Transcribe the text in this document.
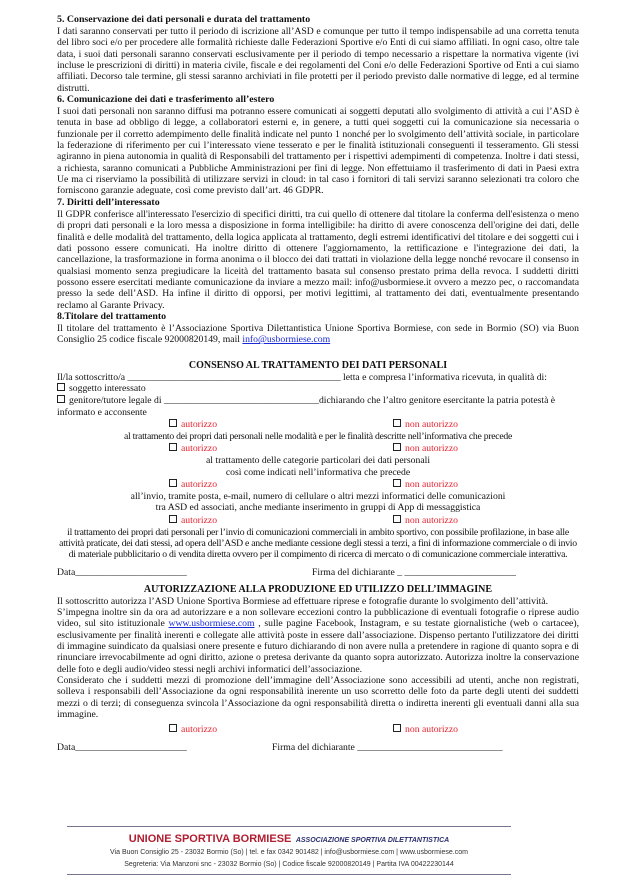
5. Conservazione dei dati personali e durata del trattamento

I dati saranno conservati per tutto il periodo di iscrizione all’ASD e comunque per tutto il tempo indispensabile ad una corretta tenuta del libro soci e/o per procedere alle formalità richieste dalle Federazioni Sportive e/o Enti di cui siamo affiliati. In ogni caso, oltre tale data, i suoi dati personali saranno conservati esclusivamente per il periodo di tempo necessario a rispettare la normativa vigente (ivi incluse le prescrizioni di diritti) in materia civile, fiscale e dei regolamenti del Coni e/o delle Federazioni Sportive od Enti a cui siamo affiliati. Decorso tale termine, gli stessi saranno archiviati in file protetti per il periodo previsto dalle normative di legge, ed al termine distrutti.

6. Comunicazione dei dati e trasferimento all’estero

I suoi dati personali non saranno diffusi ma potranno essere comunicati ai soggetti deputati allo svolgimento di attività a cui l’ASD è tenuta in base ad obbligo di legge, a collaboratori esterni e, in genere, a tutti quei soggetti cui la comunicazione sia necessaria o funzionale per il corretto adempimento delle finalità indicate nel punto 1 nonché per lo svolgimento dell’attività sociale, in particolare la federazione di riferimento per cui l’interessato viene tesserato e per le finalità istituzionali conseguenti il tesseramento. Gli stessi agiranno in piena autonomia in qualità di Responsabili del trattamento per i rispettivi adempimenti di competenza. Inoltre i dati stessi, a richiesta, saranno comunicati a Pubbliche Amministrazioni per fini di legge. Non effettuiamo il trasferimento di dati in Paesi extra Ue ma ci riserviamo la possibilità di utilizzare servizi in cloud: in tal caso i fornitori di tali servizi saranno selezionati tra coloro che forniscono garanzie adeguate, così come previsto dall’art. 46 GDPR.

7. Diritti dell’interessato

Il GDPR conferisce all'interessato l'esercizio di specifici diritti, tra cui quello di ottenere dal titolare la conferma dell'esistenza o meno di propri dati personali e la loro messa a disposizione in forma intelligibile: ha diritto di avere conoscenza dell'origine dei dati, delle finalità e delle modalità del trattamento, della logica applicata al trattamento, degli estremi identificativi del titolare e dei soggetti cui i dati possono essere comunicati. Ha inoltre diritto di ottenere l'aggiornamento, la rettificazione e l'integrazione dei dati, la cancellazione, la trasformazione in forma anonima o il blocco dei dati trattati in violazione della legge nonché revocare il consenso in qualsiasi momento senza pregiudicare la liceità del trattamento basata sul consenso prestato prima della revoca. I suddetti diritti possono essere esercitati mediante comunicazione da inviare a mezzo mail: info@usbormiese.it ovvero a mezzo pec, o raccomandata presso la sede dell’ASD. Ha infine il diritto di opporsi, per motivi legittimi, al trattamento dei dati, eventualmente presentando reclamo al Garante Privacy.

8.Titolare del trattamento

Il titolare del trattamento è l’Associazione Sportiva Dilettantistica Unione Sportiva Bormiese, con sede in Bormio (SO) via Buon Consiglio 25 codice fiscale 92000820149, mail info@usbormiese.com

CONSENSO AL TRATTAMENTO DEI DATI PERSONALI

Il/la sottoscritto/a ____________________________________________ letta e compresa l’informativa ricevuta, in qualità di:

soggetto interessato
genitore/tutore legale di ________________________________dichiarando che l’altro genitore esercitante la patria potestà è informato e acconsente
autorizzo	non autorizzo

al trattamento dei propri dati personali nelle modalità e per le finalità descritte nell’informativa che precede

autorizzo	non autorizzo

al trattamento delle categorie particolari dei dati personali
così come indicati nell’informativa che precede

autorizzo	non autorizzo

all’invio, tramite posta, e-mail, numero di cellulare o altri mezzi informatici delle comunicazioni
tra ASD ed associati, anche mediante inserimento in gruppi di App di messaggistica

autorizzo	non autorizzo

il trattamento dei propri dati personali per l’invio di comunicazioni commerciali in ambito sportivo, con possibile profilazione, in base alle attività praticate, dei dati stessi, ad opera dell’ASD e anche mediante cessione degli stessi a terzi, a fini di informazione commerciale o di invio di materiale pubblicitario o di vendita diretta ovvero per il compimento di ricerca di mercato o di comunicazione commerciale interattiva.

Data_______________________	Firma del dichiarante _ _______________________
AUTORIZZAZIONE ALLA PRODUZIONE ED UTILIZZO DELL’IMMAGINE

Il sottoscritto autorizza l’ASD Unione Sportiva Bormiese ad effettuare riprese e fotografie durante lo svolgimento dell’attività.

S’impegna inoltre sin da ora ad autorizzare e a non sollevare eccezioni contro la pubblicazione di eventuali fotografie o riprese audio video, sul sito istituzionale www.usbormiese.com , sulle pagine Facebook, Instagram, e su testate giornalistiche (web o cartacee), esclusivamente per finalità inerenti e collegate alle attività poste in essere dall’associazione. Dispenso pertanto l'utilizzatore dei diritti di immagine suindicato da qualsiasi onere presente e futuro dichiarando di non avere nulla a pretendere in ragione di quanto sopra e di rinunciare irrevocabilmente ad ogni diritto, azione o pretesa derivante da quanto sopra autorizzato. Autorizza inoltre la conservazione delle foto e degli audio/video stessi negli archivi informatici dell’associazione.

Considerato che i suddetti mezzi di promozione dell’immagine dell’Associazione sono accessibili ad utenti, anche non registrati, solleva i responsabili dell’Associazione da ogni responsabilità inerente un uso scorretto delle foto da parte degli utenti dei suddetti mezzi o di terzi; di conseguenza svincola l’Associazione da ogni responsabilità diretta o indiretta inerenti gli eventuali danni alla sua immagine.

autorizzo	non autorizzo
Data_______________________	Firma del dichiarante ______________________________
UNIONE SPORTIVA BORMIESE ASSOCIAZIONE SPORTIVA DILETTANTISTICA
Via Buon Consiglio 25 - 23032 Bormio (So) | tel. e fax 0342 901482 | info@usbormiese.com | www.usbormiese.com
Segreteria: Via Manzoni snc - 23032 Bormio (So) | Codice fiscale 92000820149 | Partita IVA 00422230144
